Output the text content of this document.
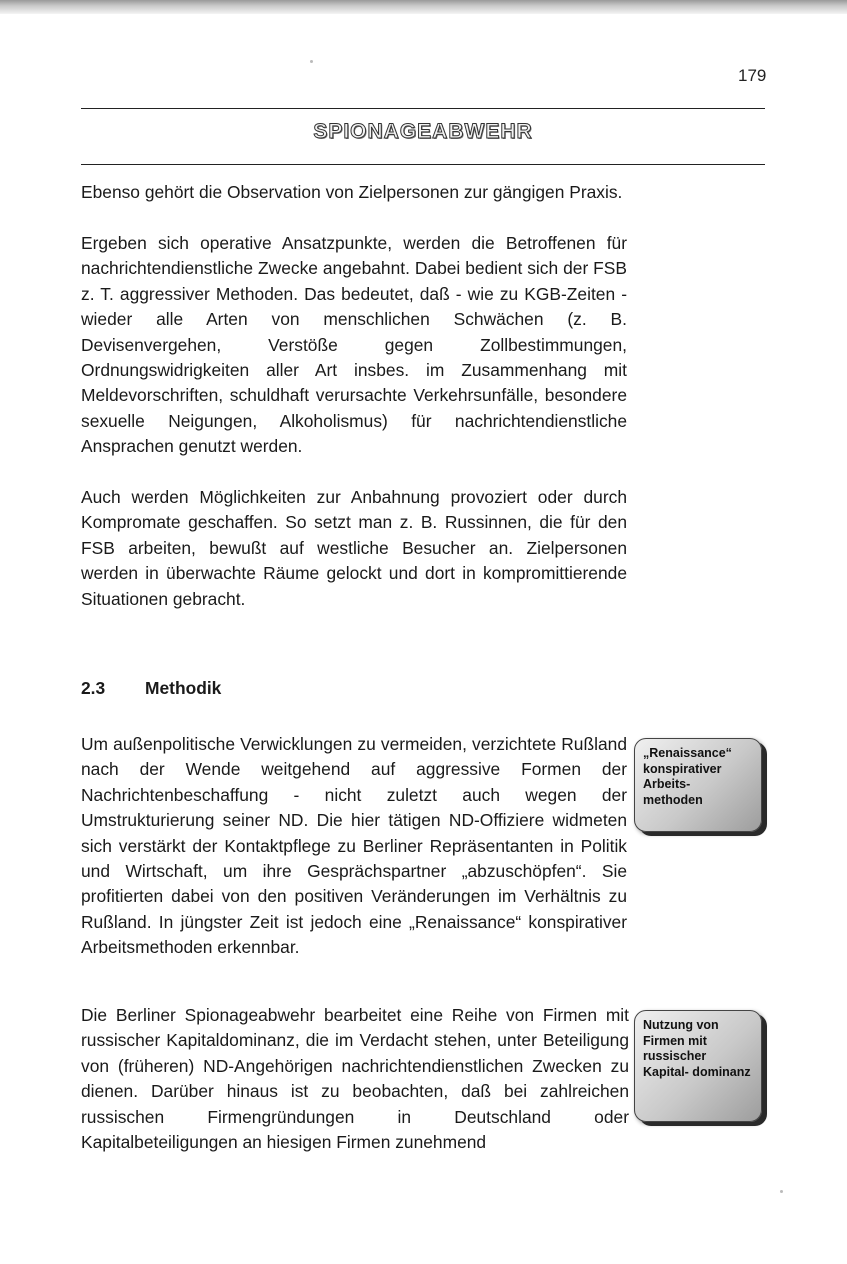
179
SPIONAGEABWEHR

Ebenso gehört die Observation von Zielpersonen zur gängigen Praxis.

Ergeben sich operative Ansatzpunkte, werden die Betroffenen für nachrichtendienstliche Zwecke angebahnt. Dabei bedient sich der FSB z. T. aggressiver Methoden. Das bedeutet, daß - wie zu KGB-Zeiten - wieder alle Arten von menschlichen Schwächen (z. B. Devisenvergehen, Verstöße gegen Zollbestimmungen, Ordnungswidrigkeiten aller Art insbes. im Zusammenhang mit Meldevorschriften, schuldhaft verursachte Verkehrsunfälle, besondere sexuelle Neigungen, Alkoholismus) für nachrichtendienstliche Ansprachen genutzt werden.

Auch werden Möglichkeiten zur Anbahnung provoziert oder durch Kompromate geschaffen. So setzt man z. B. Russinnen, die für den FSB arbeiten, bewußt auf westliche Besucher an. Zielpersonen werden in überwachte Räume gelockt und dort in kompromittierende Situationen gebracht.

2.3 Methodik

Um außenpolitische Verwicklungen zu vermeiden, verzichtete Rußland nach der Wende weitgehend auf aggressive Formen der Nachrichtenbeschaffung - nicht zuletzt auch wegen der Umstrukturierung seiner ND. Die hier tätigen ND-Offiziere widmeten sich verstärkt der Kontaktpflege zu Berliner Repräsentanten in Politik und Wirtschaft, um ihre Gesprächspartner „abzuschöpfen“. Sie profitierten dabei von den positiven Veränderungen im Verhältnis zu Rußland. In jüngster Zeit ist jedoch eine „Renaissance“ konspirativer Arbeitsmethoden erkennbar.

„Renaissance“ konspirativer Arbeits- methoden

Die Berliner Spionageabwehr bearbeitet eine Reihe von Firmen mit russischer Kapitaldominanz, die im Verdacht stehen, unter Beteiligung von (früheren) ND-Angehörigen nachrichtendienstlichen Zwecken zu dienen. Darüber hinaus ist zu beobachten, daß bei zahlreichen russischen Firmengründungen in Deutschland oder Kapitalbeteiligungen an hiesigen Firmen zunehmend

Nutzung von Firmen mit russischer Kapital- dominanz
